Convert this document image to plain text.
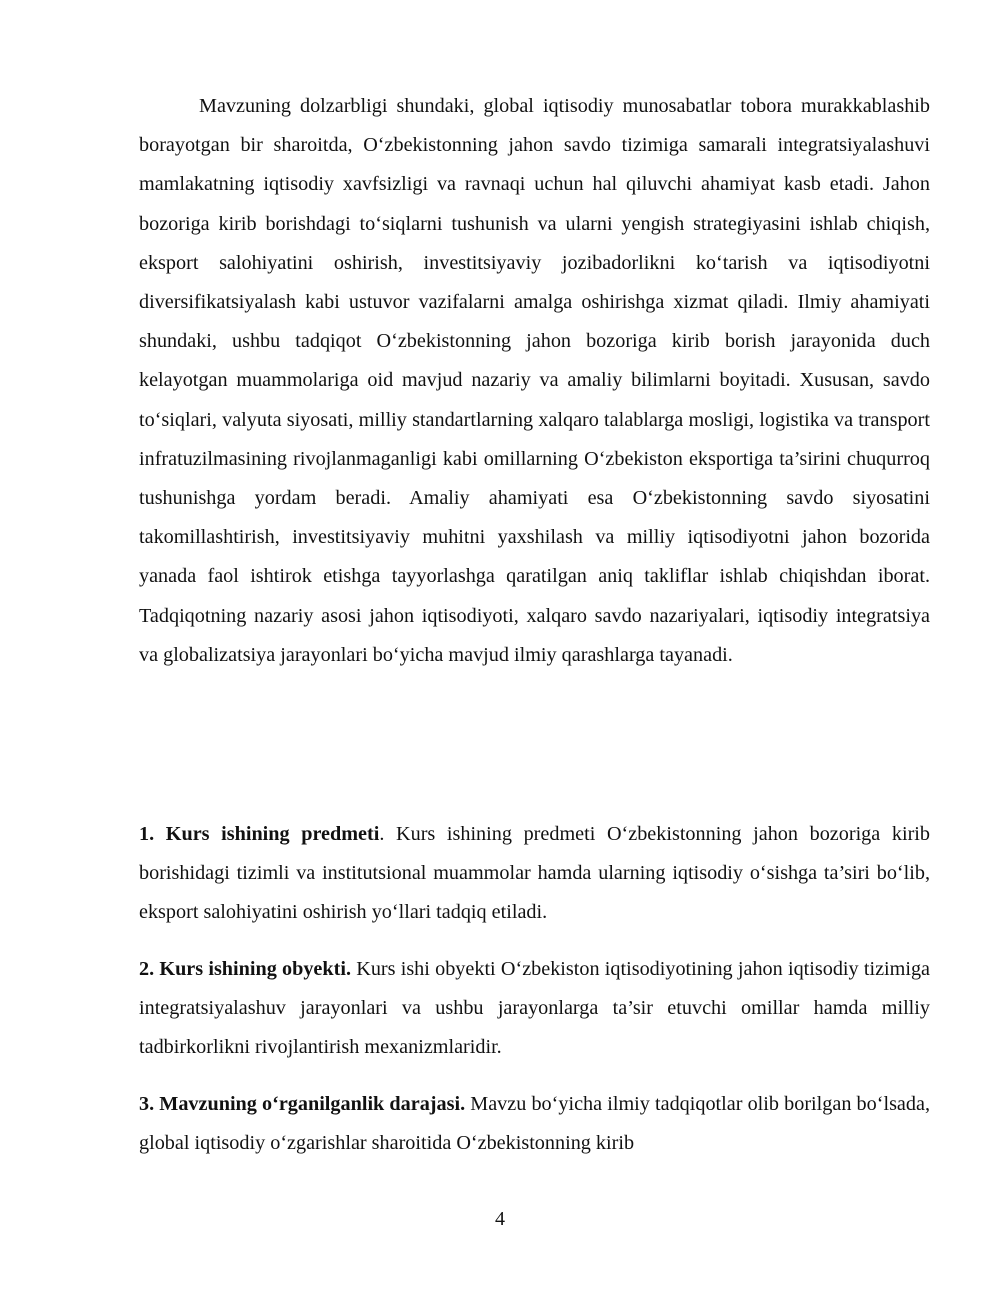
Mavzuning dolzarbligi shundaki, global iqtisodiy munosabatlar tobora murakkablashib borayotgan bir sharoitda, O‘zbekistonning jahon savdo tizimiga samarali integratsiyalashuvi mamlakatning iqtisodiy xavfsizligi va ravnaqi uchun hal qiluvchi ahamiyat kasb etadi. Jahon bozoriga kirib borishdagi to‘siqlarni tushunish va ularni yengish strategiyasini ishlab chiqish, eksport salohiyatini oshirish, investitsiyaviy jozibadorlikni ko‘tarish va iqtisodiyotni diversifikatsiyalash kabi ustuvor vazifalarni amalga oshirishga xizmat qiladi. Ilmiy ahamiyati shundaki, ushbu tadqiqot O‘zbekistonning jahon bozoriga kirib borish jarayonida duch kelayotgan muammolariga oid mavjud nazariy va amaliy bilimlarni boyitadi. Xususan, savdo to‘siqlari, valyuta siyosati, milliy standartlarning xalqaro talablarga mosligi, logistika va transport infratuzilmasining rivojlanmaganligi kabi omillarning O‘zbekiston eksportiga ta’sirini chuqurroq tushunishga yordam beradi. Amaliy ahamiyati esa O‘zbekistonning savdo siyosatini takomillashtirish, investitsiyaviy muhitni yaxshilash va milliy iqtisodiyotni jahon bozorida yanada faol ishtirok etishga tayyorlashga qaratilgan aniq takliflar ishlab chiqishdan iborat. Tadqiqotning nazariy asosi jahon iqtisodiyoti, xalqaro savdo nazariyalari, iqtisodiy integratsiya va globalizatsiya jarayonlari bo‘yicha mavjud ilmiy qarashlarga tayanadi.

1. Kurs ishining predmeti. Kurs ishining predmeti O‘zbekistonning jahon bozoriga kirib borishidagi tizimli va institutsional muammolar hamda ularning iqtisodiy o‘sishga ta’siri bo‘lib, eksport salohiyatini oshirish yo‘llari tadqiq etiladi.

2. Kurs ishining obyekti. Kurs ishi obyekti O‘zbekiston iqtisodiyotining jahon iqtisodiy tizimiga integratsiyalashuv jarayonlari va ushbu jarayonlarga ta’sir etuvchi omillar hamda milliy tadbirkorlikni rivojlantirish mexanizmlaridir.

3. Mavzuning o‘rganilganlik darajasi. Mavzu bo‘yicha ilmiy tadqiqotlar olib borilgan bo‘lsada, global iqtisodiy o‘zgarishlar sharoitida O‘zbekistonning kirib

4
